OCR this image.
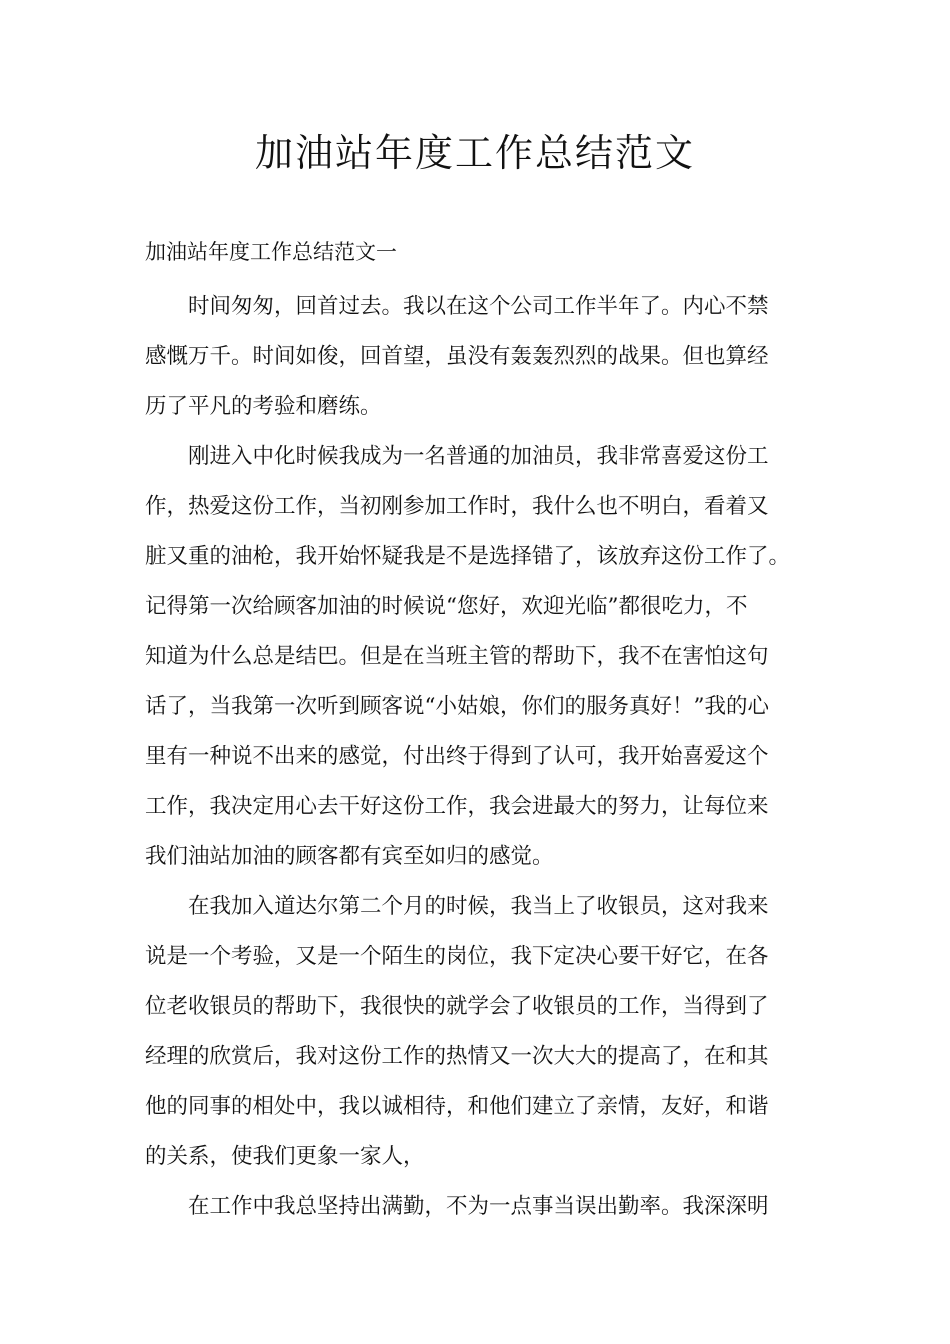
加油站年度工作总结范文
加油站年度工作总结范文一

　　时间匆匆，回首过去。我以在这个公司工作半年了。内心不禁

感慨万千。时间如俊，回首望，虽没有轰轰烈烈的战果。但也算经

历了平凡的考验和磨练。

　　刚进入中化时候我成为一名普通的加油员，我非常喜爱这份工

作，热爱这份工作，当初刚参加工作时，我什么也不明白，看着又

脏又重的油枪，我开始怀疑我是不是选择错了，该放弃这份工作了。

记得第一次给顾客加油的时候说“您好，欢迎光临”都很吃力，不

知道为什么总是结巴。但是在当班主管的帮助下，我不在害怕这句

话了，当我第一次听到顾客说“小姑娘，你们的服务真好！”我的心

里有一种说不出来的感觉，付出终于得到了认可，我开始喜爱这个

工作，我决定用心去干好这份工作，我会进最大的努力，让每位来

我们油站加油的顾客都有宾至如归的感觉。

　　在我加入道达尔第二个月的时候，我当上了收银员，这对我来

说是一个考验，又是一个陌生的岗位，我下定决心要干好它，在各

位老收银员的帮助下，我很快的就学会了收银员的工作，当得到了

经理的欣赏后，我对这份工作的热情又一次大大的提高了，在和其

他的同事的相处中，我以诚相待，和他们建立了亲情，友好，和谐

的关系，使我们更象一家人，

　　在工作中我总坚持出满勤，不为一点事当误出勤率。我深深明
